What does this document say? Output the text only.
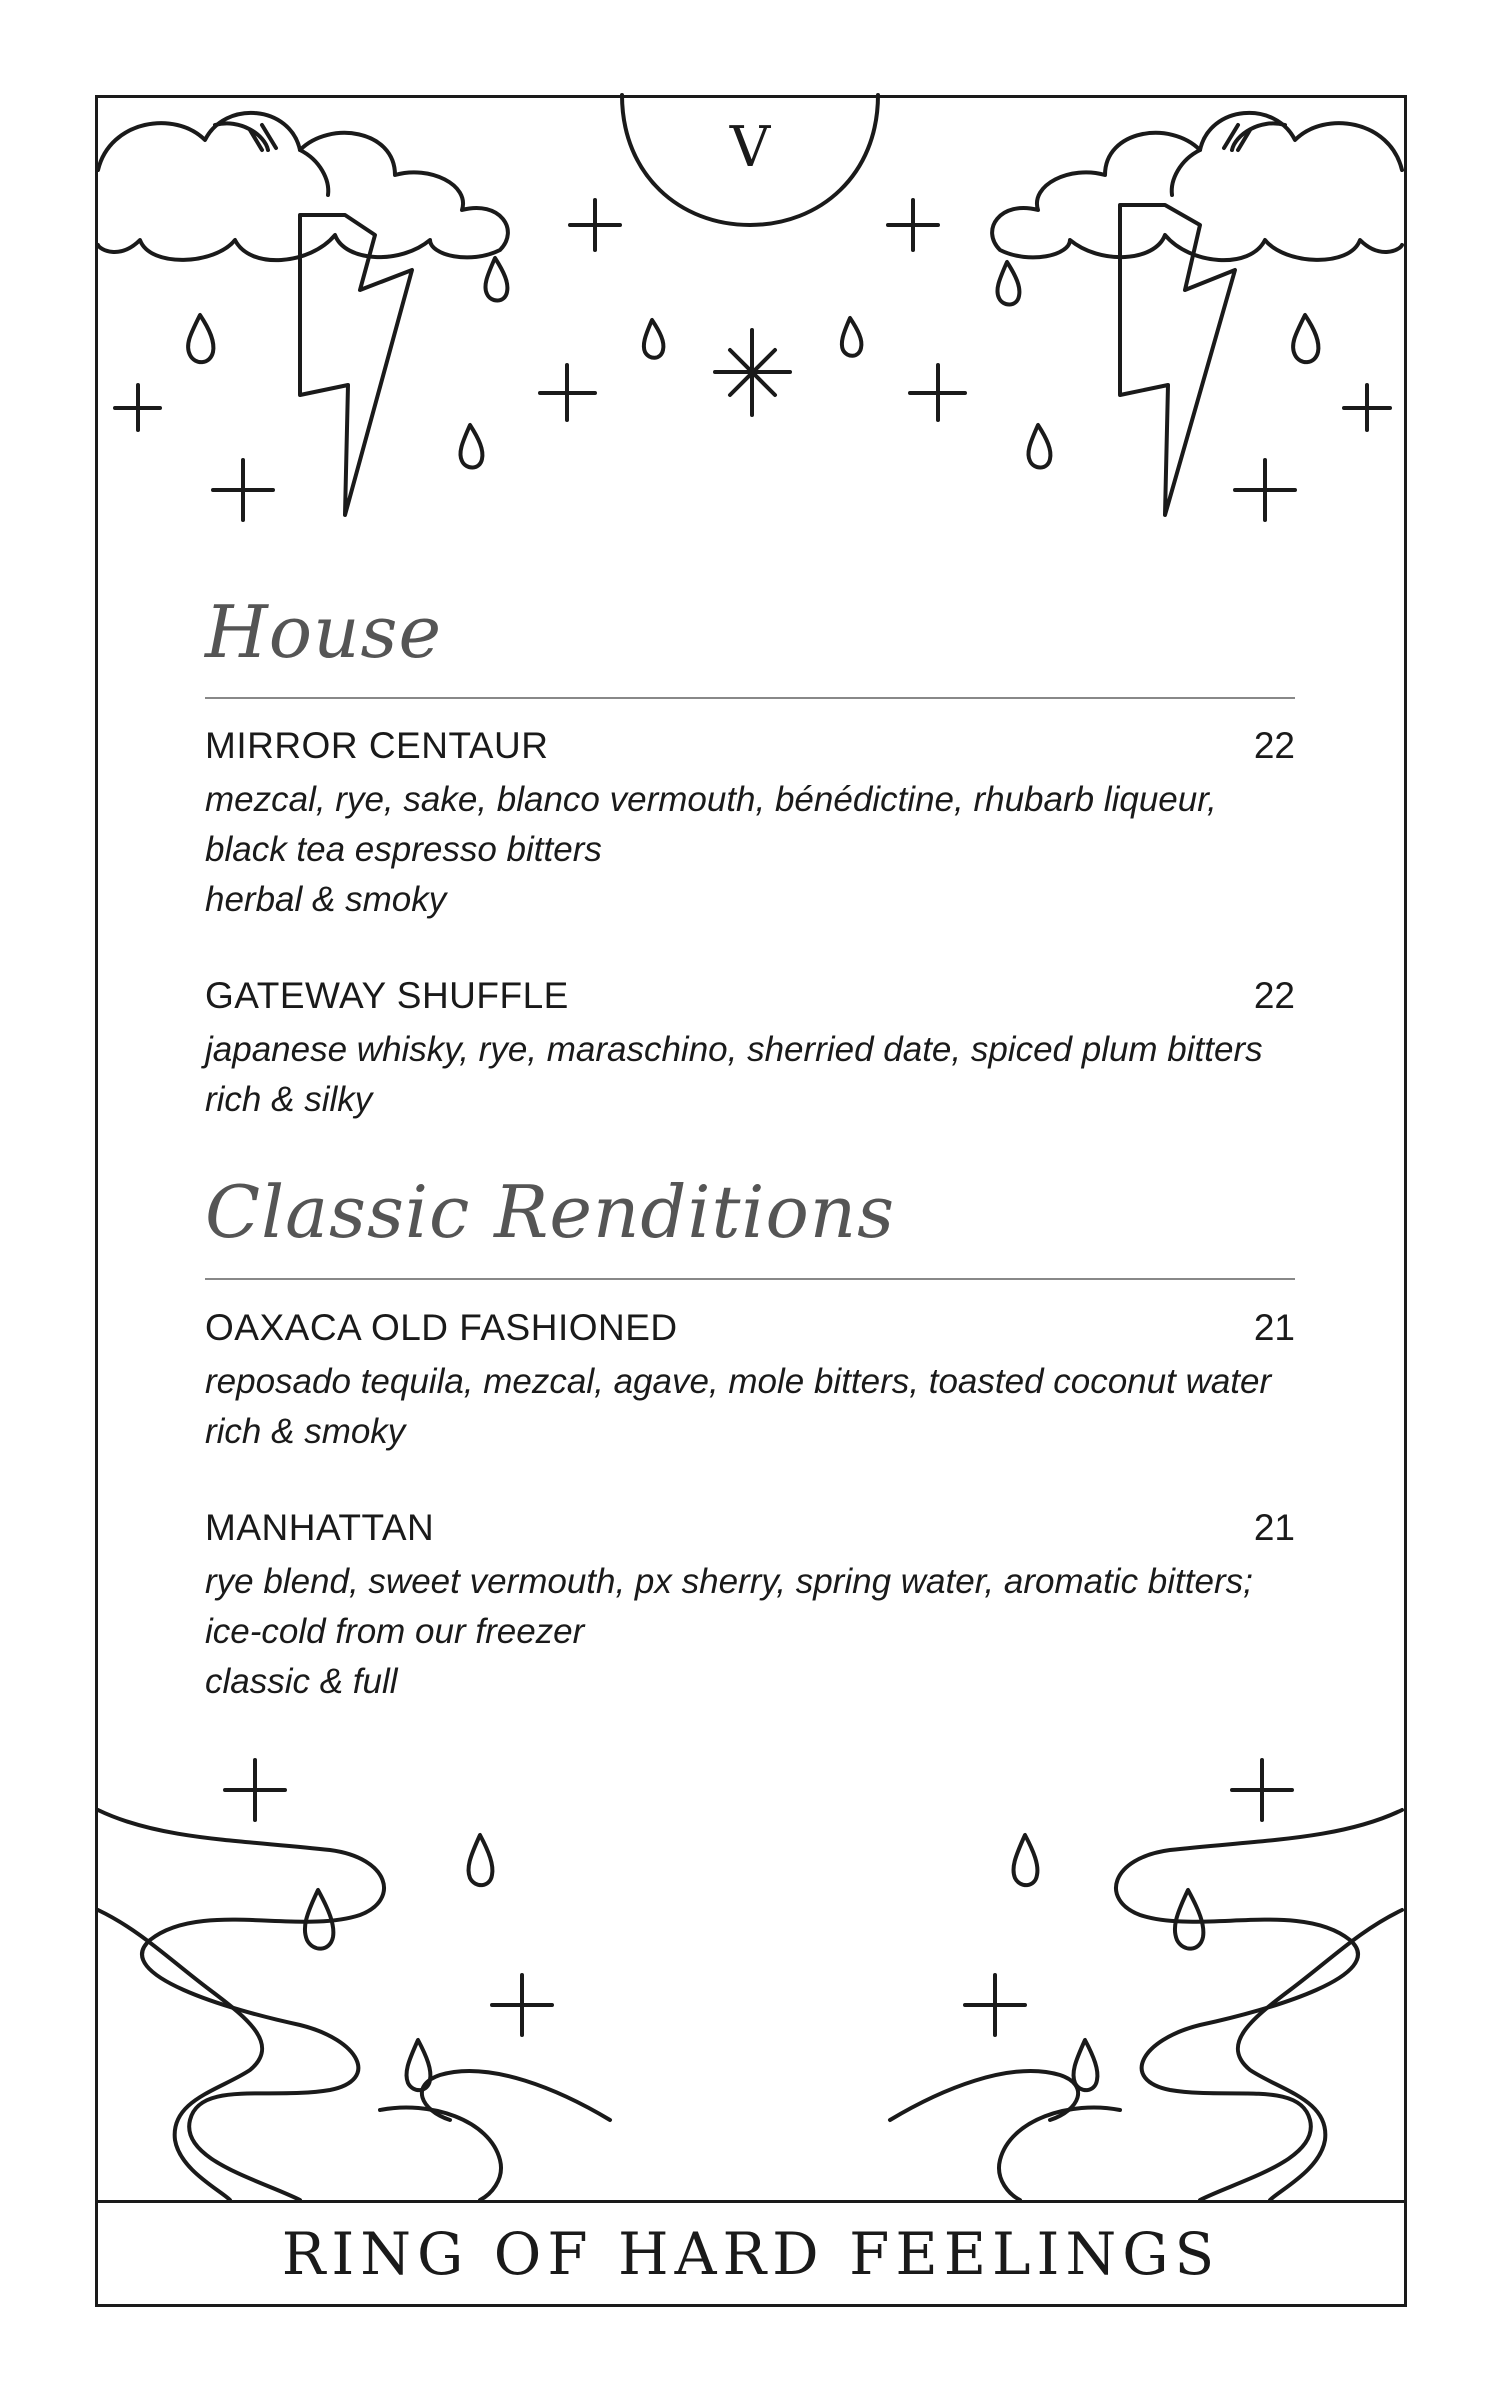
V
House
MIRROR CENTAUR	22
mezcal, rye, sake, blanco vermouth, bénédictine, rhubarb liqueur,
black tea espresso bitters
herbal & smoky
GATEWAY SHUFFLE	22
japanese whisky, rye, maraschino, sherried date, spiced plum bitters
rich & silky
Classic Renditions
OAXACA OLD FASHIONED	21
reposado tequila, mezcal, agave, mole bitters, toasted coconut water
rich & smoky
MANHATTAN	21
rye blend, sweet vermouth, px sherry, spring water, aromatic bitters;
ice-cold from our freezer
classic & full
RING OF HARD FEELINGS
